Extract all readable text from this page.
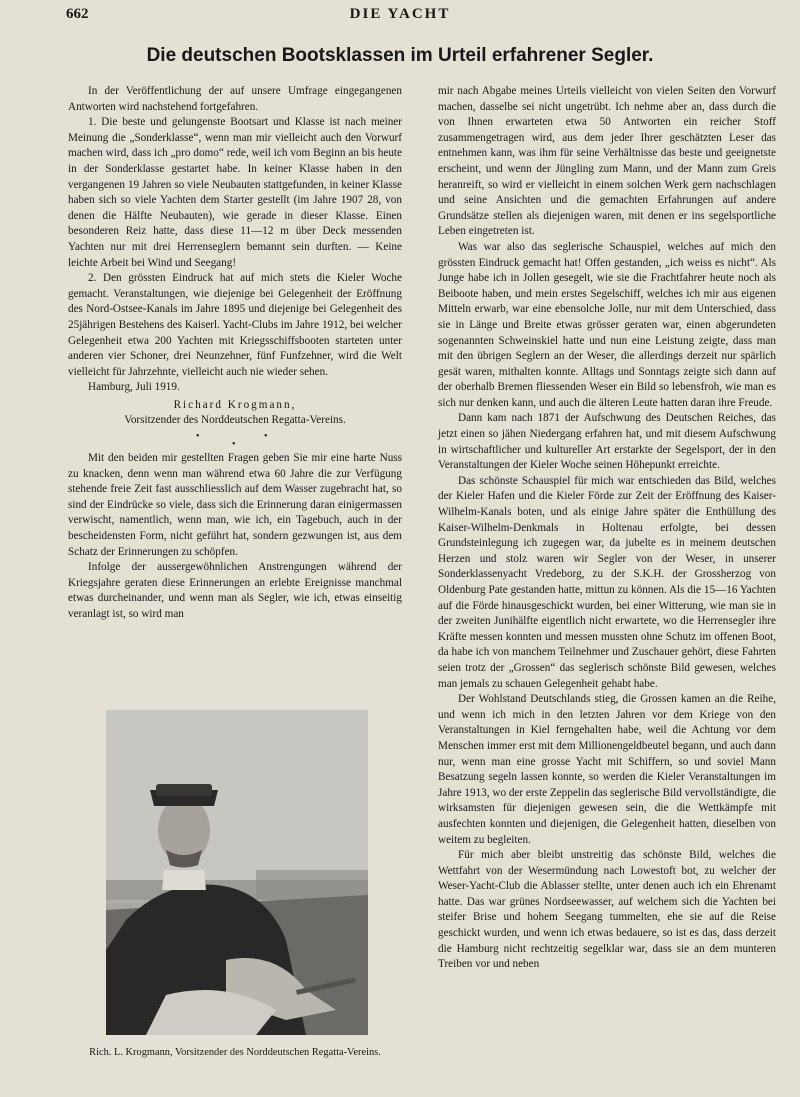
662	DIE YACHT
Die deutschen Bootsklassen im Urteil erfahrener Segler.

In der Veröffentlichung der auf unsere Umfrage eingegangenen Antworten wird nachstehend fortgefahren.

1. Die beste und gelungenste Bootsart und Klasse ist nach meiner Meinung die „Sonderklasse“, wenn man mir vielleicht auch den Vorwurf machen wird, dass ich „pro domo“ rede, weil ich vom Beginn an bis heute in der Sonderklasse gestartet habe. In keiner Klasse haben in den vergangenen 19 Jahren so viele Neubauten stattgefunden, in keiner Klasse haben sich so viele Yachten dem Starter gestellt (im Jahre 1907 28, von denen die Hälfte Neubauten), wie gerade in dieser Klasse. Einen besonderen Reiz hatte, dass diese 11—12 m über Deck messenden Yachten nur mit drei Herrenseglern bemannt sein durften. — Keine leichte Arbeit bei Wind und Seegang!

2. Den grössten Eindruck hat auf mich stets die Kieler Woche gemacht. Veranstaltungen, wie diejenige bei Gelegenheit der Eröffnung des Nord-Ostsee-Kanals im Jahre 1895 und diejenige bei Gelegenheit des 25jährigen Bestehens des Kaiserl. Yacht-Clubs im Jahre 1912, bei welcher Gelegenheit etwa 200 Yachten mit Kriegsschiffsbooten starteten unter anderen vier Schoner, drei Neunzehner, fünf Funfzehner, wird die Welt vielleicht für Jahrzehnte, vielleicht auch nie wieder sehen.

Hamburg, Juli 1919.

Richard Krogmann,
Vorsitzender des Norddeutschen Regatta-Vereins.
•	•
•

Mit den beiden mir gestellten Fragen geben Sie mir eine harte Nuss zu knacken, denn wenn man während etwa 60 Jahre die zur Verfügung stehende freie Zeit fast ausschliesslich auf dem Wasser zugebracht hat, so sind der Eindrücke so viele, dass sich die Erinnerung daran einigermassen verwischt, namentlich, wenn man, wie ich, ein Tagebuch, auch in der bescheidensten Form, nicht geführt hat, sondern gezwungen ist, aus dem Schatz der Erinnerungen zu schöpfen.

Infolge der aussergewöhnlichen Anstrengungen während der Kriegsjahre geraten diese Erinnerungen an erlebte Ereignisse manchmal etwas durcheinander, und wenn man als Segler, wie ich, etwas einseitig veranlagt ist, so wird man

Rich. L. Krogmann, Vorsitzender des Norddeutschen Regatta-Vereins.

mir nach Abgabe meines Urteils vielleicht von vielen Seiten den Vorwurf machen, dasselbe sei nicht ungetrübt. Ich nehme aber an, dass durch die von Ihnen erwarteten etwa 50 Antworten ein reicher Stoff zusammengetragen wird, aus dem jeder Ihrer geschätzten Leser das entnehmen kann, was ihm für seine Verhältnisse das beste und geeignetste erscheint, und wenn der Jüngling zum Mann, und der Mann zum Greis heranreift, so wird er vielleicht in einem solchen Werk gern nachschlagen und seine Ansichten und die gemachten Erfahrungen auf andere Grundsätze stellen als diejenigen waren, mit denen er ins segelsportliche Leben eingetreten ist.

Was war also das seglerische Schauspiel, welches auf mich den grössten Eindruck gemacht hat! Offen gestanden, „ich weiss es nicht“. Als Junge habe ich in Jollen gesegelt, wie sie die Frachtfahrer heute noch als Beiboote haben, und mein erstes Segelschiff, welches ich mir aus eigenen Mitteln erwarb, war eine ebensolche Jolle, nur mit dem Unterschied, dass sie in Länge und Breite etwas grösser geraten war, einen abgerundeten sogenannten Schweinskiel hatte und nun eine Leistung zeigte, dass man mit den übrigen Seglern an der Weser, die allerdings derzeit nur spärlich gesät waren, mithalten konnte. Alltags und Sonntags zeigte sich dann auf der oberhalb Bremen fliessenden Weser ein Bild so lebensfroh, wie man es sich nur denken kann, und auch die älteren Leute hatten daran ihre Freude.

Dann kam nach 1871 der Aufschwung des Deutschen Reiches, das jetzt einen so jähen Niedergang erfahren hat, und mit diesem Aufschwung in wirtschaftlicher und kultureller Art erstarkte der Segelsport, der in den Veranstaltungen der Kieler Woche seinen Höhepunkt erreichte.

Das schönste Schauspiel für mich war entschieden das Bild, welches der Kieler Hafen und die Kieler Förde zur Zeit der Eröffnung des Kaiser-Wilhelm-Kanals boten, und als einige Jahre später die Enthüllung des Kaiser-Wilhelm-Denkmals in Holtenau erfolgte, bei dessen Grundsteinlegung ich zugegen war, da jubelte es in meinem deutschen Herzen und stolz waren wir Segler von der Weser, in unserer Sonderklassenyacht Vredeborg, zu der S.K.H. der Grossherzog von Oldenburg Pate gestanden hatte, mittun zu können. Als die 15—16 Yachten auf die Förde hinausgeschickt wurden, bei einer Witterung, wie man sie in der zweiten Junihälfte eigentlich nicht erwartete, wo die Herrensegler ihre Kräfte messen konnten und messen mussten ohne Schutz im offenen Boot, da habe ich von manchem Teilnehmer und Zuschauer gehört, diese Fahrten seien trotz der „Grossen“ das seglerisch schönste Bild gewesen, welches man jemals zu schauen Gelegenheit gehabt habe.

Der Wohlstand Deutschlands stieg, die Grossen kamen an die Reihe, und wenn ich mich in den letzten Jahren vor dem Kriege von den Veranstaltungen in Kiel ferngehalten habe, weil die Achtung vor dem Menschen immer erst mit dem Millionengeldbeutel begann, und auch dann nur, wenn man eine grosse Yacht mit Schiffern, so und soviel Mann Besatzung segeln lassen konnte, so werden die Kieler Veranstaltungen im Jahre 1913, wo der erste Zeppelin das seglerische Bild vervollständigte, die wirksamsten für diejenigen gewesen sein, die die Wettkämpfe mit ausfechten konnten und diejenigen, die Gelegenheit hatten, dieselben von weitem zu begleiten.

Für mich aber bleibt unstreitig das schönste Bild, welches die Wettfahrt von der Wesermündung nach Lowestoft bot, zu welcher der Weser-Yacht-Club die Ablasser stellte, unter denen auch ich ein Ehrenamt hatte. Das war grünes Nordseewasser, auf welchem sich die Yachten bei steifer Brise und hohem Seegang tummelten, ehe sie auf die Reise geschickt wurden, und wenn ich etwas bedauere, so ist es das, dass derzeit die Hamburg nicht rechtzeitig segelklar war, dass sie an dem munteren Treiben vor und neben
